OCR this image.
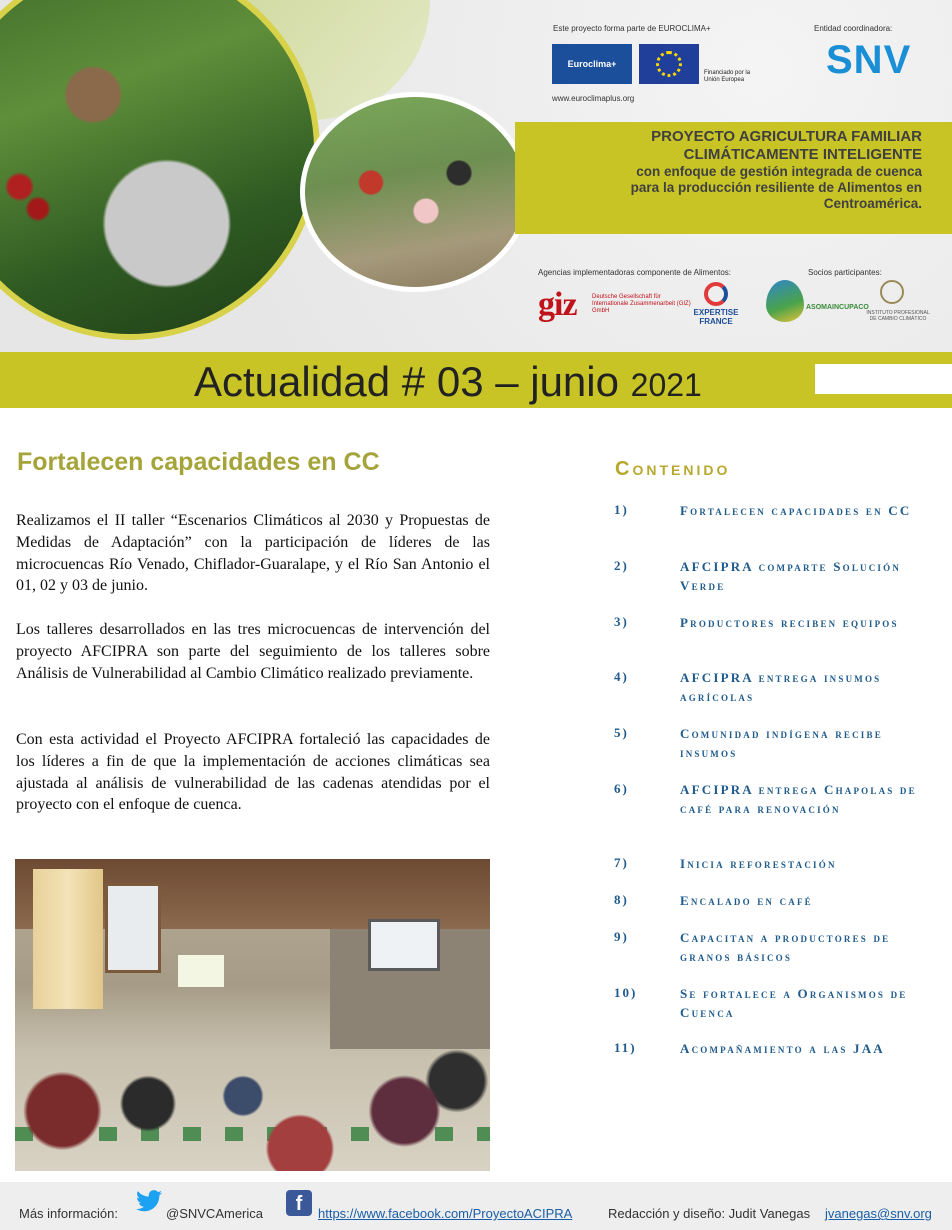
Este proyecto forma parte de EUROCLIMA+
Euroclima+
Financiado por la Unión Europea
www.euroclimaplus.org
Entidad coordinadora:
SNV
PROYECTO AGRICULTURA FAMILIAR
CLIMÁTICAMENTE INTELIGENTE
con enfoque de gestión integrada de cuenca
para la producción resiliente de Alimentos en
Centroamérica.
Agencias implementadoras componente de Alimentos:	Socios participantes:
giz	Deutsche Gesellschaft für Internationale Zusammenarbeit (GIZ) GmbH	EXPERTISE FRANCE
ASOMAINCUPACO
INSTITUTO PROFESIONAL DE CAMBIO CLIMÁTICO
Actualidad # 03 – junio 2021
Fortalecen capacidades en CC

Realizamos el II taller “Escenarios Climáticos al 2030 y Propuestas de Medidas de Adaptación” con la participación de líderes de las microcuencas Río Venado, Chiflador-Guaralape, y el Río San Antonio el 01, 02 y 03 de junio.

Los talleres desarrollados en las tres microcuencas de intervención del proyecto AFCIPRA son parte del seguimiento de los talleres sobre Análisis de Vulnerabilidad al Cambio Climático realizado previamente.

Con esta actividad el Proyecto AFCIPRA fortaleció las capacidades de los líderes a fin de que la implementación de acciones climáticas sea ajustada al análisis de vulnerabilidad de las cadenas atendidas por el proyecto con el enfoque de cuenca.

Contenido
1)	Fortalecen capacidades en CC
2)	AFCIPRA comparte Solución Verde
3)	Productores reciben equipos
4)	AFCIPRA entrega insumos agrícolas
5)	Comunidad indígena recibe insumos
6)	AFCIPRA entrega Chapolas de café para renovación
7)	Inicia reforestación
8)	Encalado en café
9)	Capacitan a productores de granos básicos
10)	Se fortalece a Organismos de Cuenca
11)	Acompañamiento a las JAA
Más información:	@SNVCAmerica	f	https://www.facebook.com/ProyectoACIPRA	Redacción y diseño: Judit Vanegas jvanegas@snv.org
